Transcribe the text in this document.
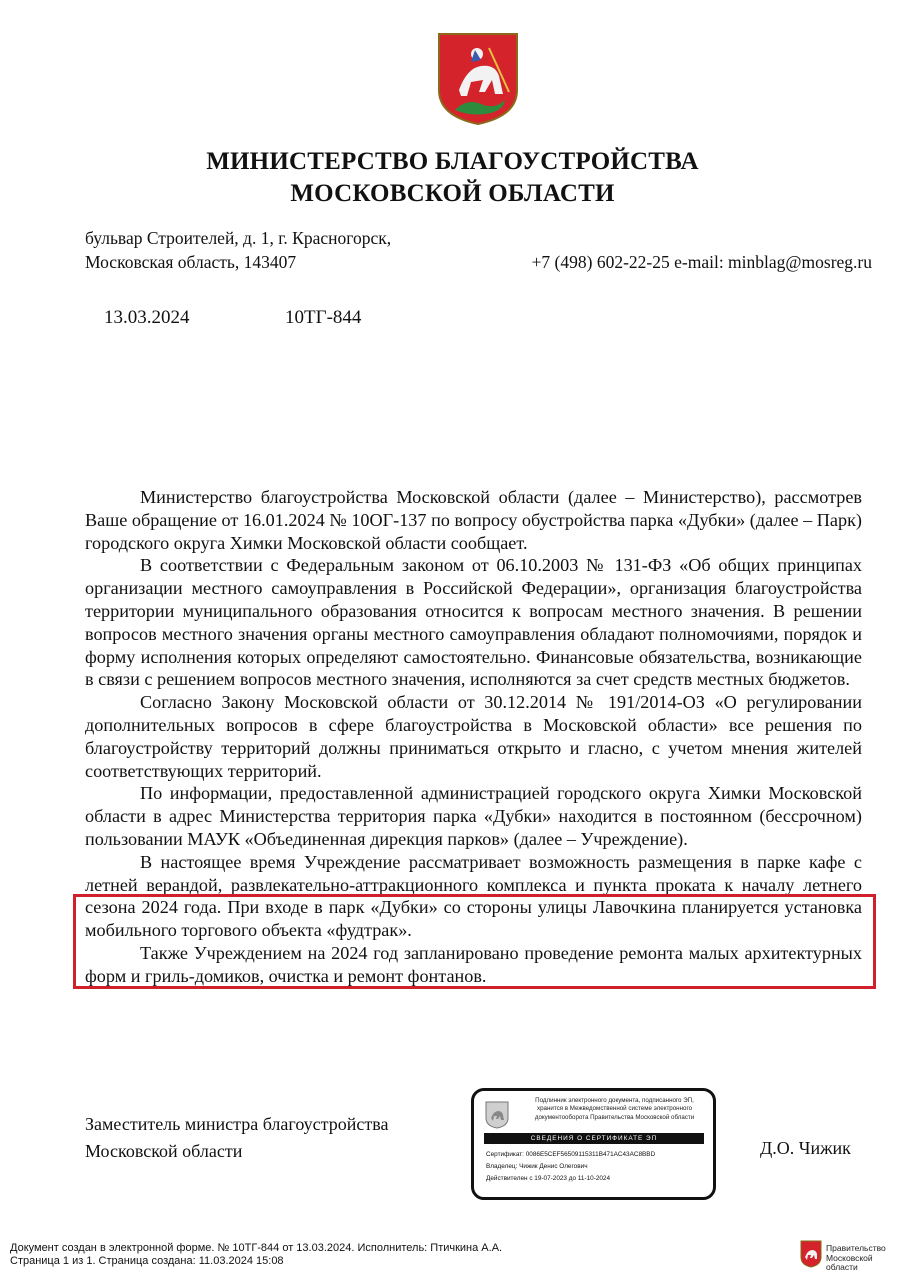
МИНИСТЕРСТВО БЛАГОУСТРОЙСТВА
МОСКОВСКОЙ ОБЛАСТИ
бульвар Строителей, д. 1, г. Красногорск,
Московская область, 143407	+7 (498) 602-22-25 e-mail: minblag@mosreg.ru
13.03.2024	10ТГ-844

Министерство благоустройства Московской области (далее – Министерство), рассмотрев Ваше обращение от 16.01.2024 № 10ОГ-137 по вопросу обустройства парка «Дубки» (далее – Парк) городского округа Химки Московской области сообщает.

В соответствии с Федеральным законом от 06.10.2003 № 131-ФЗ «Об общих принципах организации местного самоуправления в Российской Федерации», организация благоустройства территории муниципального образования относится к вопросам местного значения. В решении вопросов местного значения органы местного самоуправления обладают полномочиями, порядок и форму исполнения которых определяют самостоятельно. Финансовые обязательства, возникающие в связи с решением вопросов местного значения, исполняются за счет средств местных бюджетов.

Согласно Закону Московской области от 30.12.2014 № 191/2014-ОЗ «О регулировании дополнительных вопросов в сфере благоустройства в Московской области» все решения по благоустройству территорий должны приниматься открыто и гласно, с учетом мнения жителей соответствующих территорий.

По информации, предоставленной администрацией городского округа Химки Московской области в адрес Министерства территория парка «Дубки» находится в постоянном (бессрочном) пользовании МАУК «Объединенная дирекция парков» (далее – Учреждение).

В настоящее время Учреждение рассматривает возможность размещения в парке кафе с летней верандой, развлекательно-аттракционного комплекса и пункта проката к началу летнего сезона 2024 года. При входе в парк «Дубки» со стороны улицы Лавочкина планируется установка мобильного торгового объекта «фудтрак».

Также Учреждением на 2024 год запланировано проведение ремонта малых архитектурных форм и гриль-домиков, очистка и ремонт фонтанов.

Заместитель министра благоустройства
Московской области	Д.О. Чижик
Подлинник электронного документа, подписанного ЭП,
хранится в Межведомственной системе электронного
документооборота Правительства Московской области
СВЕДЕНИЯ О СЕРТИФИКАТЕ ЭП
Сертификат: 0086E5CEF56509115311B471AC43AC8BBD
Владелец: Чижик Денис Олегович
Действителен с 19-07-2023 до 11-10-2024
Документ создан в электронной форме. № 10ТГ-844 от 13.03.2024. Исполнитель: Птичкина А.А.
Страница 1 из 1. Страница создана: 11.03.2024 15:08
Правительство
Московской области
